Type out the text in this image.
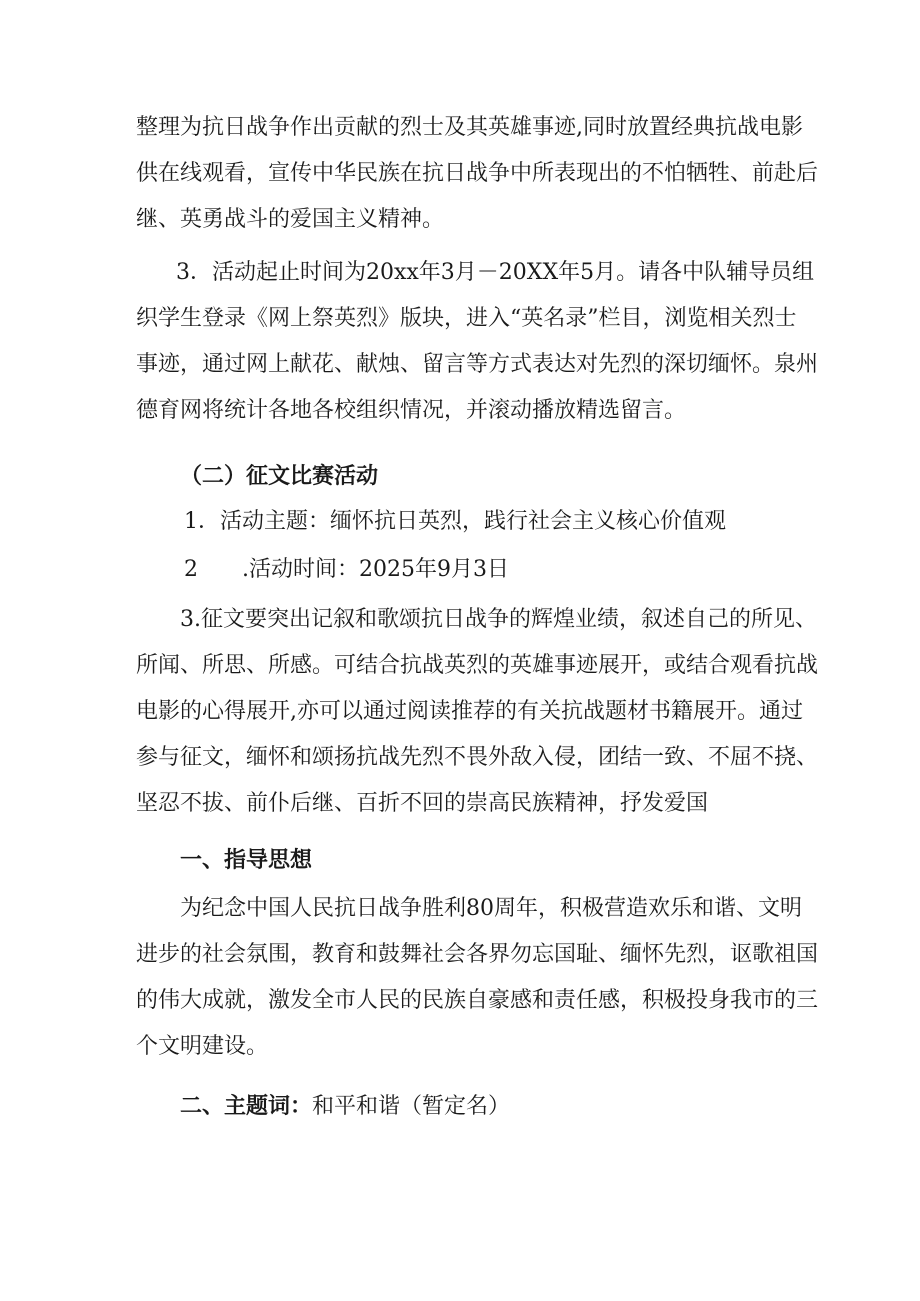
整理为抗日战争作出贡献的烈士及其英雄事迹,同时放置经典抗战电影
供在线观看，宣传中华民族在抗日战争中所表现出的不怕牺牲、前赴后
继、英勇战斗的爱国主义精神。
3．活动起止时间为20xx年3月－20XX年5月。请各中队辅导员组
织学生登录《网上祭英烈》版块，进入“英名录”栏目，浏览相关烈士
事迹，通过网上献花、献烛、留言等方式表达对先烈的深切缅怀。泉州
德育网将统计各地各校组织情况，并滚动播放精选留言。
（二）征文比赛活动
1．活动主题：缅怀抗日英烈，践行社会主义核心价值观
2　　.活动时间：2025年9月3日
3.征文要突出记叙和歌颂抗日战争的辉煌业绩，叙述自己的所见、
所闻、所思、所感。可结合抗战英烈的英雄事迹展开，或结合观看抗战
电影的心得展开,亦可以通过阅读推荐的有关抗战题材书籍展开。通过
参与征文，缅怀和颂扬抗战先烈不畏外敌入侵，团结一致、不屈不挠、
坚忍不拔、前仆后继、百折不回的崇高民族精神，抒发爱国
一、指导思想
为纪念中国人民抗日战争胜利80周年，积极营造欢乐和谐、文明
进步的社会氛围，教育和鼓舞社会各界勿忘国耻、缅怀先烈，讴歌祖国
的伟大成就，激发全市人民的民族自豪感和责任感，积极投身我市的三
个文明建设。
二、主题词：和平和谐（暂定名）
